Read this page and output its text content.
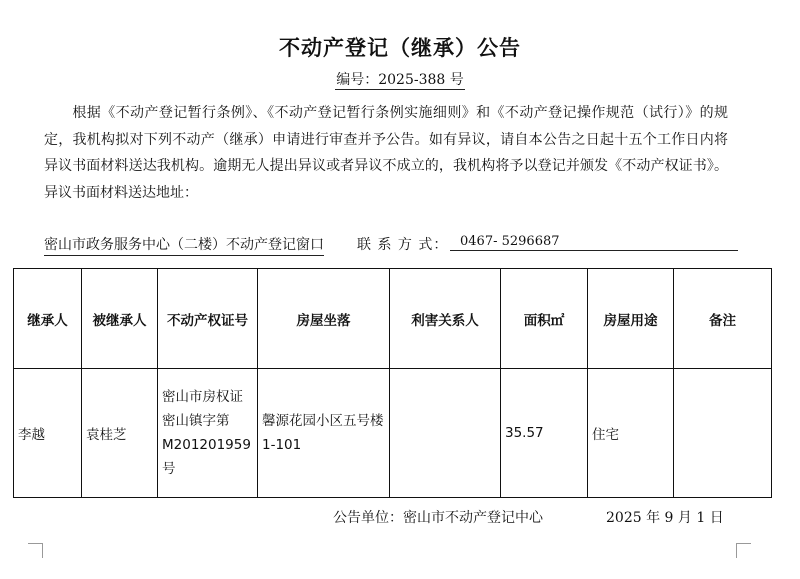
不动产登记（继承）公告
编号：2025-388 号

根据《不动产登记暂行条例》、《不动产登记暂行条例实施细则》和《不动产登记操作规范（试行）》的规定，我机构拟对下列不动产（继承）申请进行审查并予公告。如有异议，请自本公告之日起十五个工作日内将异议书面材料送达我机构。逾期无人提出异议或者异议不成立的，我机构将予以登记并颁发《不动产权证书》。 异议书面材料送达地址：

密山市政务服务中心（二楼）不动产登记窗口 联 系 方 式： 0467- 5296687
继承人	被继承人	不动产权证号	房屋坐落	利害关系人	面积㎡	房屋用途	备注
李越	袁桂芝	密山市房权证密山镇字第M201201959号	馨源花园小区五号楼 1-101		35.57	住宅	
公告单位：密山市不动产登记中心	2025 年 9 月 1 日
